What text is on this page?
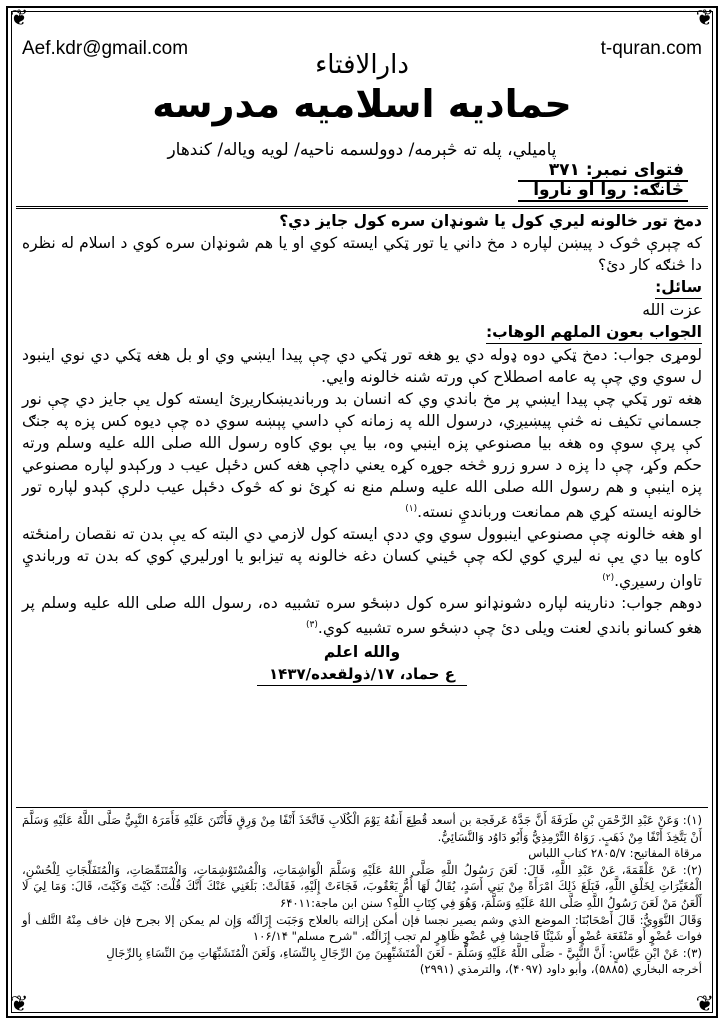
❦	❦
❦	❦
Aef.kdr@gmail.com	t-quran.com
دارالافتاء
حمادیه اسلامیه مدرسه
پامیلي، پله ته څېرمه/ دوولسمه ناحیه/ لویه ویاله/ کندهار
فتوای نمبر: ۳۷۱
څانګه: روا او ناروا

دمخ تور خالونه لیري کول یا شونډان سره کول جایز دي؟

که چېرې څوک د پیښن لپاره د مخ داني یا تور ټکي ایسته کوي او یا هم شونډان سره کوي د اسلام له نظره دا څنګه کار دئ؟

سائل:

عزت الله

الجواب بعون الملهم الوهاب:

لومړی جواب: دمخ ټکي دوه ډوله دي يو هغه تور ټکي دي چې پيدا ايښي وي او بل هغه ټکي دي نوي اينبود ل سوي وي چې په عامه اصطلاح کې ورته شنه خالونه وايي.

هغه تور ټکي چې پيدا ايښي پر مخ باندي وي که انسان بد وربانديښکاريږئ ايسته کول يې جايز دي چې نور جسماني تکيف نه څنې پيښيږي، درسول الله په زمانه کې داسي پېښه سوي ده چې ديوه کس پزه په جنګ کې پرې سوې وه هغه بيا مصنوعي پزه اينبي وه، بيا يې بوي کاوه رسول الله صلی الله علیه وسلم ورته حکم وکړ، چې دا پزه د سرو زرو څخه جوړه کړه يعني داچې هغه کس دځېل عيب د ورکېدو لپاره مصنوعي پزه اينبې و هم رسول الله صلی الله علیه وسلم منع نه کړئ نو که څوک دځېل عيب دلرې کېدو لپاره تور خالونه ايسته کړي هم ممانعت وربانديِ نسته.$^{(۱)}$

او هغه خالونه چې مصنوعي اينبوول سوي وي ددې ايسته کول لازمي دي البته که يې بدن ته نقصان رامنځته کاوه بيا دي يې نه ليري کوي لکه چې ځيني کسان دغه خالونه په تيزابو يا اورليري کوي که بدن ته وربانديِ تاوان رسيږي.$^{(۲)}$

دوهم جواب: دنارينه لپاره دشونډانو سره کول دښځو سره تشبيه ده، رسول الله صلی الله علیه وسلم پر هغو کسانو باندي لعنت ويلی دئ چې دښځو سره تشبيه کوي.$^{(۳)}$

والله اعلم
ع حماد، ۱۷/ذولقعده/۱۴۳۷

(۱): وَعَنْ عَبْدِ الرَّحْمَنِ بْنِ طَرَفَةَ أَنَّ جَدَّهُ عَرفَجة بن أسعد قُطِعَ أَنفُهُ يَوْمَ الْكُلَابِ فَاتَّخَذَ أَنْفًا مِنْ وَرِقٍ فَأَنْتَنَ عَلَيْهِ فَأَمَرَهُ النَّبِيُّ صَلَّى اللَّهُ عَلَيْهِ وَسَلَّمَ أَنْ يَتَّخِذَ أَنْفًا مِنْ ذَهَبٍ. رَوَاهُ التِّرْمِذِيُّ وَأَبُو دَاوُد وَالنَّسَائِيُّ.

مرقاة المفاتيح: ۲۸۰۵/۷ کتاب اللباس

(۲): عَنْ عَلْقَمَةَ، عَنْ عَبْدِ اللَّهِ، قَالَ: لَعَنَ رَسُولُ اللَّهِ صَلَّى اللهُ عَلَيْهِ وَسَلَّمَ الْوَاشِمَاتِ، وَالْمُسْتَوْشِمَاتِ، وَالْمُتَنَمِّصَاتِ، وَالْمُتَفَلِّجَاتِ لِلْحُسْنِ، الْمُغَيِّرَاتِ لِخَلْقِ اللَّهِ، فَبَلَغَ ذَلِكَ امْرَأَةً مِنْ بَنِي أَسَدٍ، يُقَالُ لَهَا أُمُّ يَعْقُوبَ، فَجَاءَتْ إِلَيْهِ، فَقَالَتْ: بَلَغَنِي عَنْكَ أَنَّكَ قُلْتَ: كَيْتَ وَكَيْتَ، قَالَ: وَمَا لِيَ لَا أَلْعَنُ مَنْ لَعَنَ رَسُولُ اللَّهِ صَلَّى اللهُ عَلَيْهِ وَسَلَّمَ، وَهُوَ فِي كِتَابِ اللَّهِ؟ سنن ابن ماجة:۶۴۰۱۱

وَقَالَ النَّوَوِيُّ: قَالَ أَصْحَابُنَا: الموضع الذي وشم يصير نجسا فإن أمكن إزالته بالعلاج وَجَبَت إِزَالَتُه وَإِن لم يمكن إلا بجرح فإن خاف مِنْهُ التَّلف أو فوات عُضْوٍ أَو مَنْفَعَة عُضْوٍ أَو شَيْئًا فَاحِشا فِي عُضْوٍ ظَاهِرٍ لم تجب إِزَالَتُه. "شرح مسلم" ۱۰۶/۱۴

(۳): عَنْ ابْنِ عَبَّاسٍ: أَنَّ النَّبِيَّ - صَلَّى اللَّهُ عَلَيْهِ وَسَلَّمَ - لَعَنَ الْمُتَشَبِّهِينَ مِنَ الرِّجَالِ بِالنِّسَاءِ، وَلَعَنَ الْمُتَشَبِّهَاتِ مِنَ النِّسَاءِ بِالرِّجَالِ

أخرجه البخاري (۵۸۸۵)، وأبو داود (۴۰۹۷)، والترمذي (۲۹۹۱)
